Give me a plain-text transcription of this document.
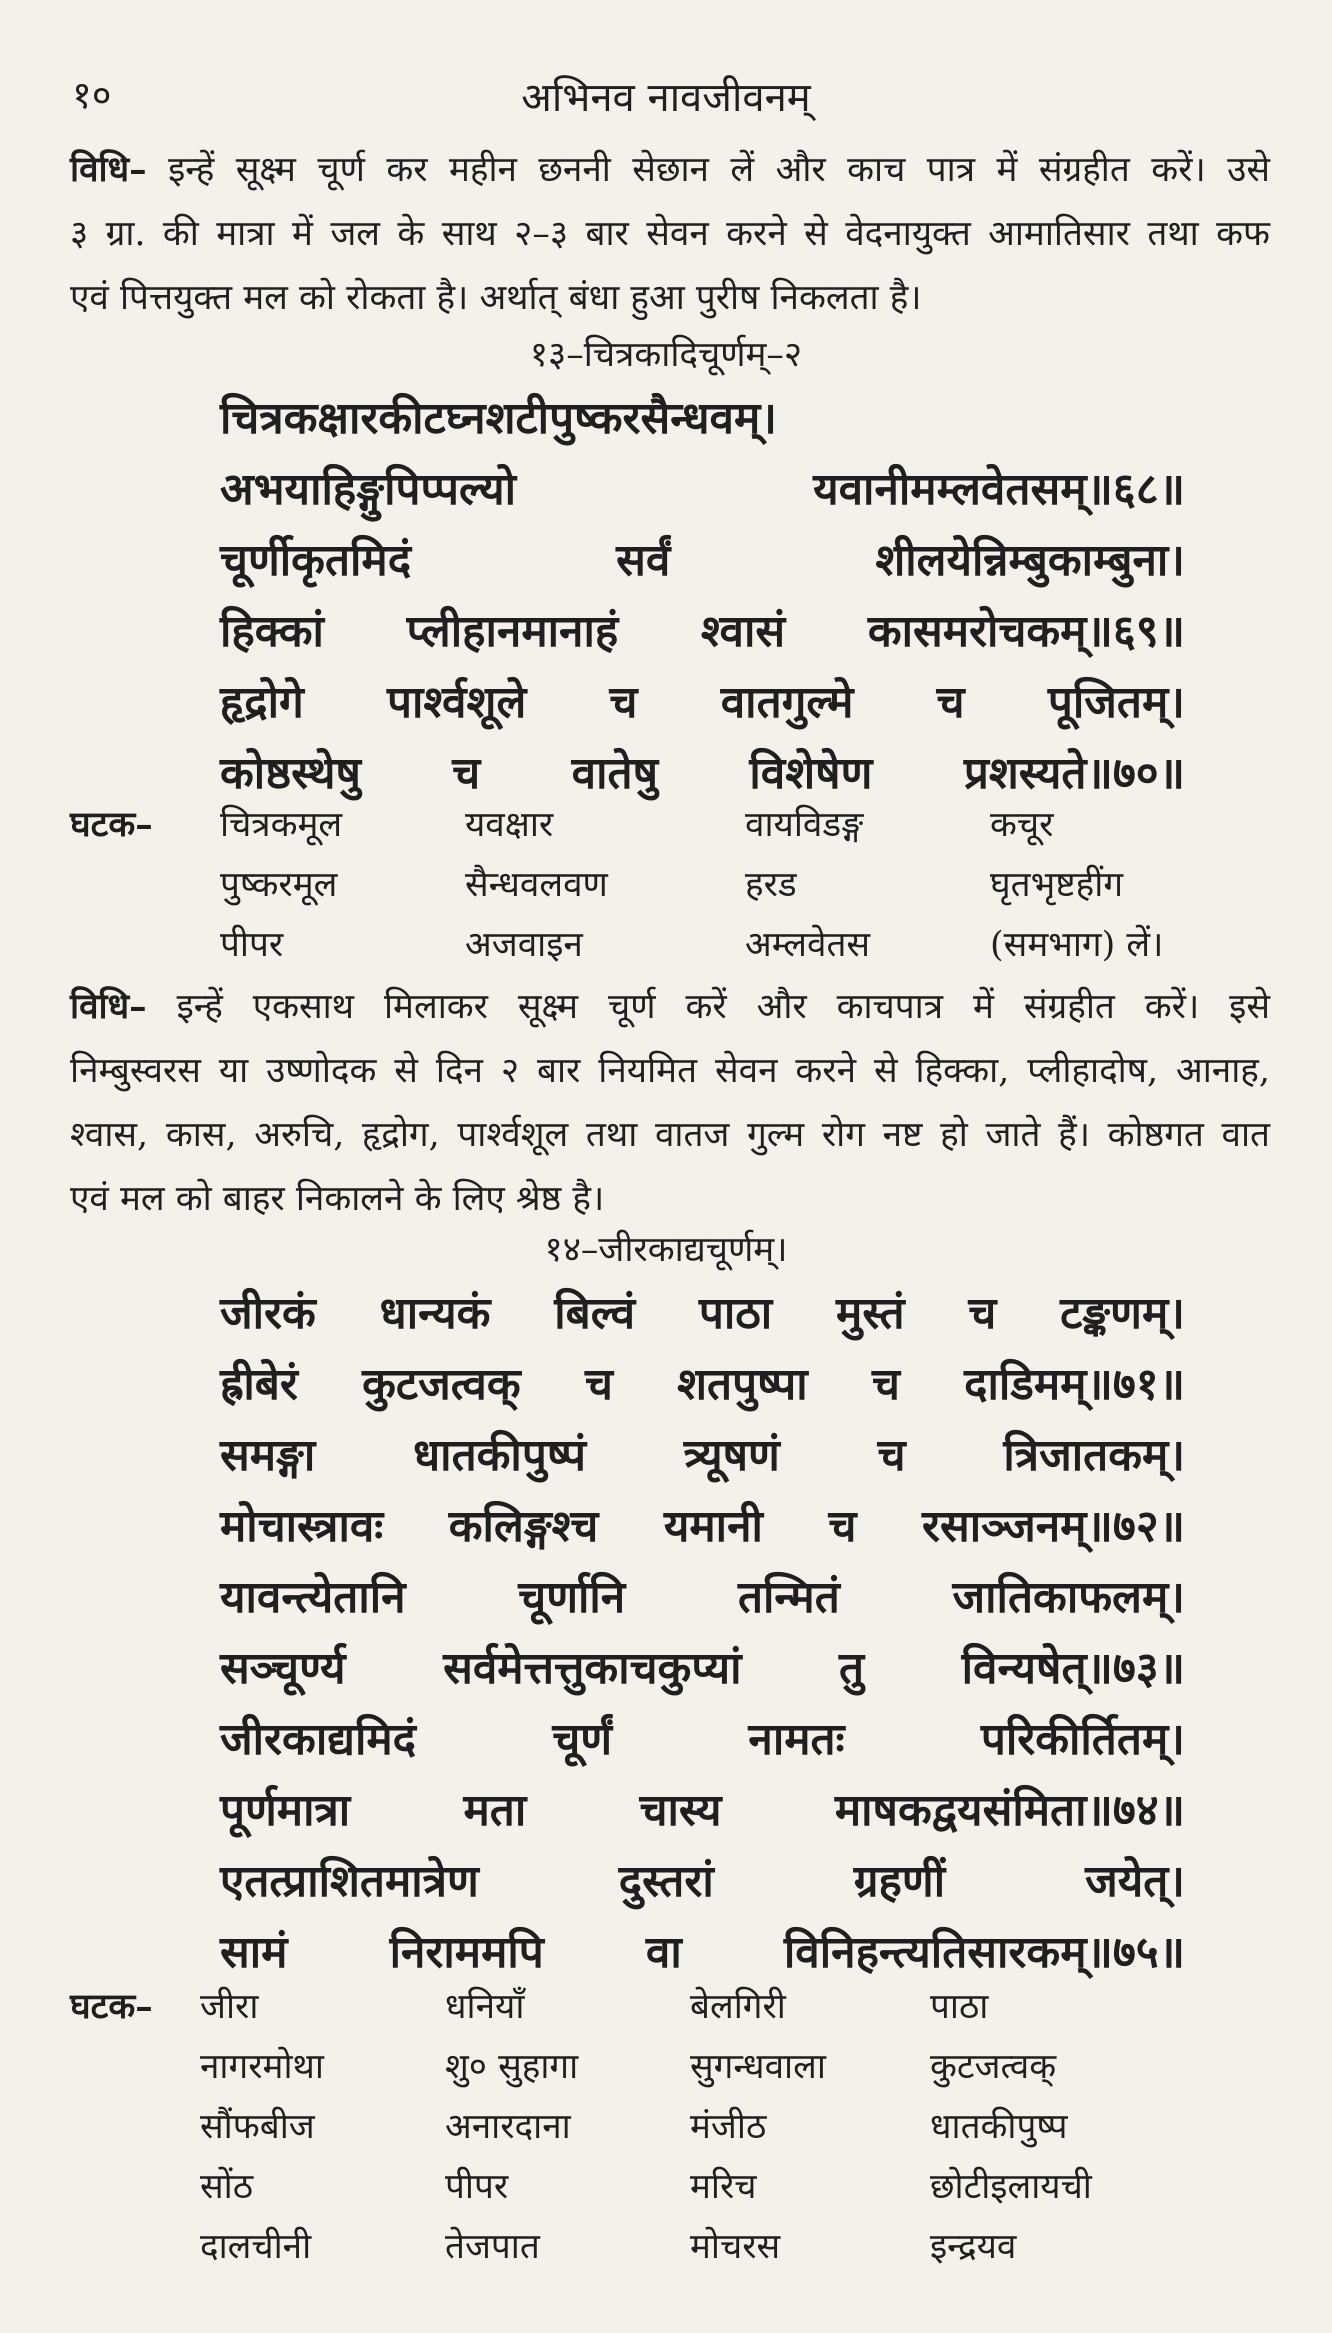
१०	अभिनव नावजीवनम्
विधि– इन्हें सूक्ष्म चूर्ण कर महीन छननी सेछान लें और काच पात्र में संग्रहीत करें। उसे
३ ग्रा. की मात्रा में जल के साथ २–३ बार सेवन करने से वेदनायुक्त आमातिसार तथा कफ
एवं पित्तयुक्त मल को रोकता है। अर्थात् बंधा हुआ पुरीष निकलता है।
१३–चित्रकादिचूर्णम्–२
चित्रकक्षारकीटघ्नशटीपुष्करसैन्धवम्।
अभयाहिङ्गुपिप्पल्यो	यवानीमम्लवेतसम्॥६८॥
चूर्णीकृतमिदं	सर्वं	शीलयेन्निम्बुकाम्बुना।
हिक्कां प्लीहानमानाहं श्वासं कासमरोचकम्॥६९॥
हृद्रोगे पार्श्वशूले च वातगुल्मे च पूजितम्।
कोष्ठस्थेषु च वातेषु विशेषेण प्रशस्यते॥७०॥
घटक– चित्रकमूल	यवक्षार	वायविडङ्ग	कचूर
पुष्करमूल	सैन्धवलवण	हरड	घृतभृष्टहींग
पीपर	अजवाइन	अम्लवेतस	(समभाग) लें।
विधि– इन्हें एकसाथ मिलाकर सूक्ष्म चूर्ण करें और काचपात्र में संग्रहीत करें। इसे
निम्बुस्वरस या उष्णोदक से दिन २ बार नियमित सेवन करने से हिक्का, प्लीहादोष, आनाह,
श्वास, कास, अरुचि, हृद्रोग, पार्श्वशूल तथा वातज गुल्म रोग नष्ट हो जाते हैं। कोष्ठगत वात
एवं मल को बाहर निकालने के लिए श्रेष्ठ है।
१४–जीरकाद्यचूर्णम्।
जीरकं धान्यकं बिल्वं पाठा मुस्तं च टङ्कणम्।
ह्रीबेरं कुटजत्वक् च शतपुष्पा च दाडिमम्॥७१॥
समङ्गा धातकीपुष्पं त्र्यूषणं च त्रिजातकम्।
मोचास्त्रावः कलिङ्गश्च यमानी च रसाञ्जनम्॥७२॥
यावन्त्येतानि	चूर्णानि	तन्मितं	जातिकाफलम्।
सञ्चूर्ण्य सर्वमेत्तत्तुकाचकुप्यां तु विन्यषेत्॥७३॥
जीरकाद्यमिदं	चूर्णं	नामतः	परिकीर्तितम्।
पूर्णमात्रा	मता	चास्य	माषकद्वयसंमिता॥७४॥
एतत्प्राशितमात्रेण	दुस्तरां	ग्रहणीं	जयेत्।
सामं निराममपि वा विनिहन्त्यतिसारकम्॥७५॥
घटक– जीरा	धनियाँ	बेलगिरी	पाठा
नागरमोथा	शु० सुहागा	सुगन्धवाला	कुटजत्वक्
सौंफबीज	अनारदाना	मंजीठ	धातकीपुष्प
सोंठ	पीपर	मरिच	छोटीइलायची
दालचीनी	तेजपात	मोचरस	इन्द्रयव
